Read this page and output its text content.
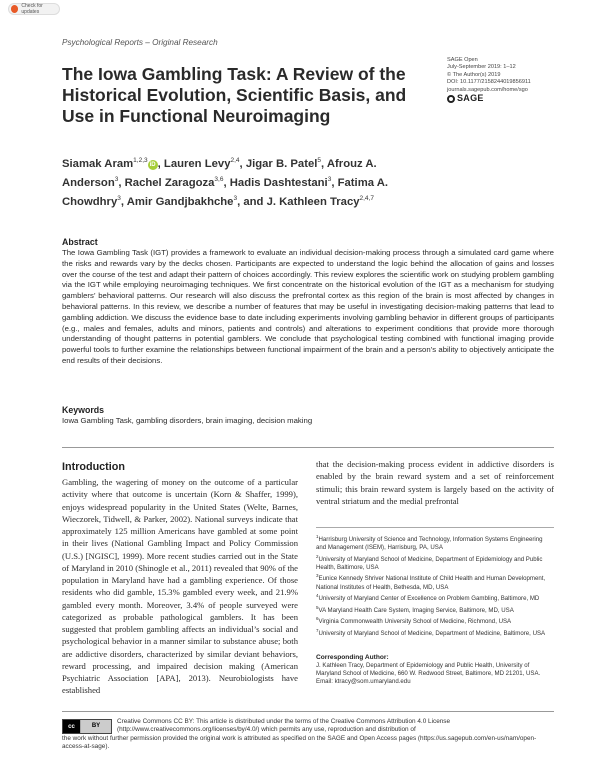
Check for updates
Psychological Reports – Original Research
The Iowa Gambling Task: A Review of the Historical Evolution, Scientific Basis, and Use in Functional Neuroimaging
SAGE Open
July-September 2019: 1–12
© The Author(s) 2019
DOI: 10.1177/2158244019856911
journals.sagepub.com/home/sgo
SAGE
Siamak Aram$^{1,2,3}$iD , Lauren Levy$^{2,4}$, Jigar B. Patel$^5$, Afrouz A. Anderson$^3$, Rachel Zaragoza$^{3,6}$, Hadis Dashtestani$^3$, Fatima A. Chowdhry$^3$, Amir Gandjbakhche$^3$, and J. Kathleen Tracy$^{2,4,7}$
Abstract

The Iowa Gambling Task (IGT) provides a framework to evaluate an individual decision-making process through a simulated card game where the risks and rewards vary by the decks chosen. Participants are expected to understand the logic behind the allocation of gains and losses over the course of the test and adapt their pattern of choices accordingly. This review explores the scientific work on studying problem gambling via the IGT while employing neuroimaging techniques. We first concentrate on the historical evolution of the IGT as a mechanism for studying gamblers’ behavioral patterns. Our research will also discuss the prefrontal cortex as this region of the brain is most affected by changes in behavioral patterns. In this review, we describe a number of features that may be useful in investigating decision-making patterns that lead to gambling addiction. We discuss the evidence base to date including experiments involving gambling behavior in different groups of participants (e.g., males and females, adults and minors, patients and controls) and alterations to experiment conditions that provide more thorough understanding of thought patterns in potential gamblers. We conclude that psychological testing combined with functional imaging provide powerful tools to further examine the relationships between functional impairment of the brain and a person’s ability to objectively anticipate the end results of their decisions.

Keywords
Iowa Gambling Task, gambling disorders, brain imaging, decision making
Introduction

Gambling, the wagering of money on the outcome of a particular activity where that outcome is uncertain (Korn & Shaffer, 1999), enjoys widespread popularity in the United States (Welte, Barnes, Wieczorek, Tidwell, & Parker, 2002). National surveys indicate that approximately 125 million Americans have gambled at some point in their lives (National Gambling Impact and Policy Commission (U.S.) [NGISC], 1999). More recent studies carried out in the State of Maryland in 2010 (Shinogle et al., 2011) revealed that 90% of the population in Maryland have had a gambling experience. Of those residents who did gamble, 15.3% gambled every week, and 21.9% gambled every month. Moreover, 3.4% of people surveyed were categorized as probable pathological gamblers. It has been suggested that problem gambling affects an individual’s social and psychological behavior in a manner similar to substance abuse; both are addictive disorders, characterized by similar deviant behaviors, reward processing, and impaired decision making (American Psychiatric Association [APA], 2013). Neurobiologists have established

that the decision-making process evident in addictive disorders is enabled by the brain reward system and a set of reinforcement stimuli; this brain reward system is largely based on the activity of ventral striatum and the medial prefrontal

$^1$Harrisburg University of Science and Technology, Information Systems Engineering and Management (ISEM), Harrisburg, PA, USA

$^2$University of Maryland School of Medicine, Department of Epidemiology and Public Health, Baltimore, USA

$^3$Eunice Kennedy Shriver National Institute of Child Health and Human Development, National Institutes of Health, Bethesda, MD, USA

$^4$University of Maryland Center of Excellence on Problem Gambling, Baltimore, MD

$^5$VA Maryland Health Care System, Imaging Service, Baltimore, MD, USA

$^6$Virginia Commonwealth University School of Medicine, Richmond, USA

$^7$University of Maryland School of Medicine, Department of Medicine, Baltimore, USA

Corresponding Author:
J. Kathleen Tracy, Department of Epidemiology and Public Health, University of Maryland School of Medicine, 660 W. Redwood Street, Baltimore, MD 21201, USA. Email: ktracy@som.umaryland.edu
cc	BY
Creative Commons CC BY: This article is distributed under the terms of the Creative Commons Attribution 4.0 License (http://www.creativecommons.org/licenses/by/4.0/) which permits any use, reproduction and distribution of
the work without further permission provided the original work is attributed as specified on the SAGE and Open Access pages (https://us.sagepub.com/en-us/nam/open-access-at-sage).
